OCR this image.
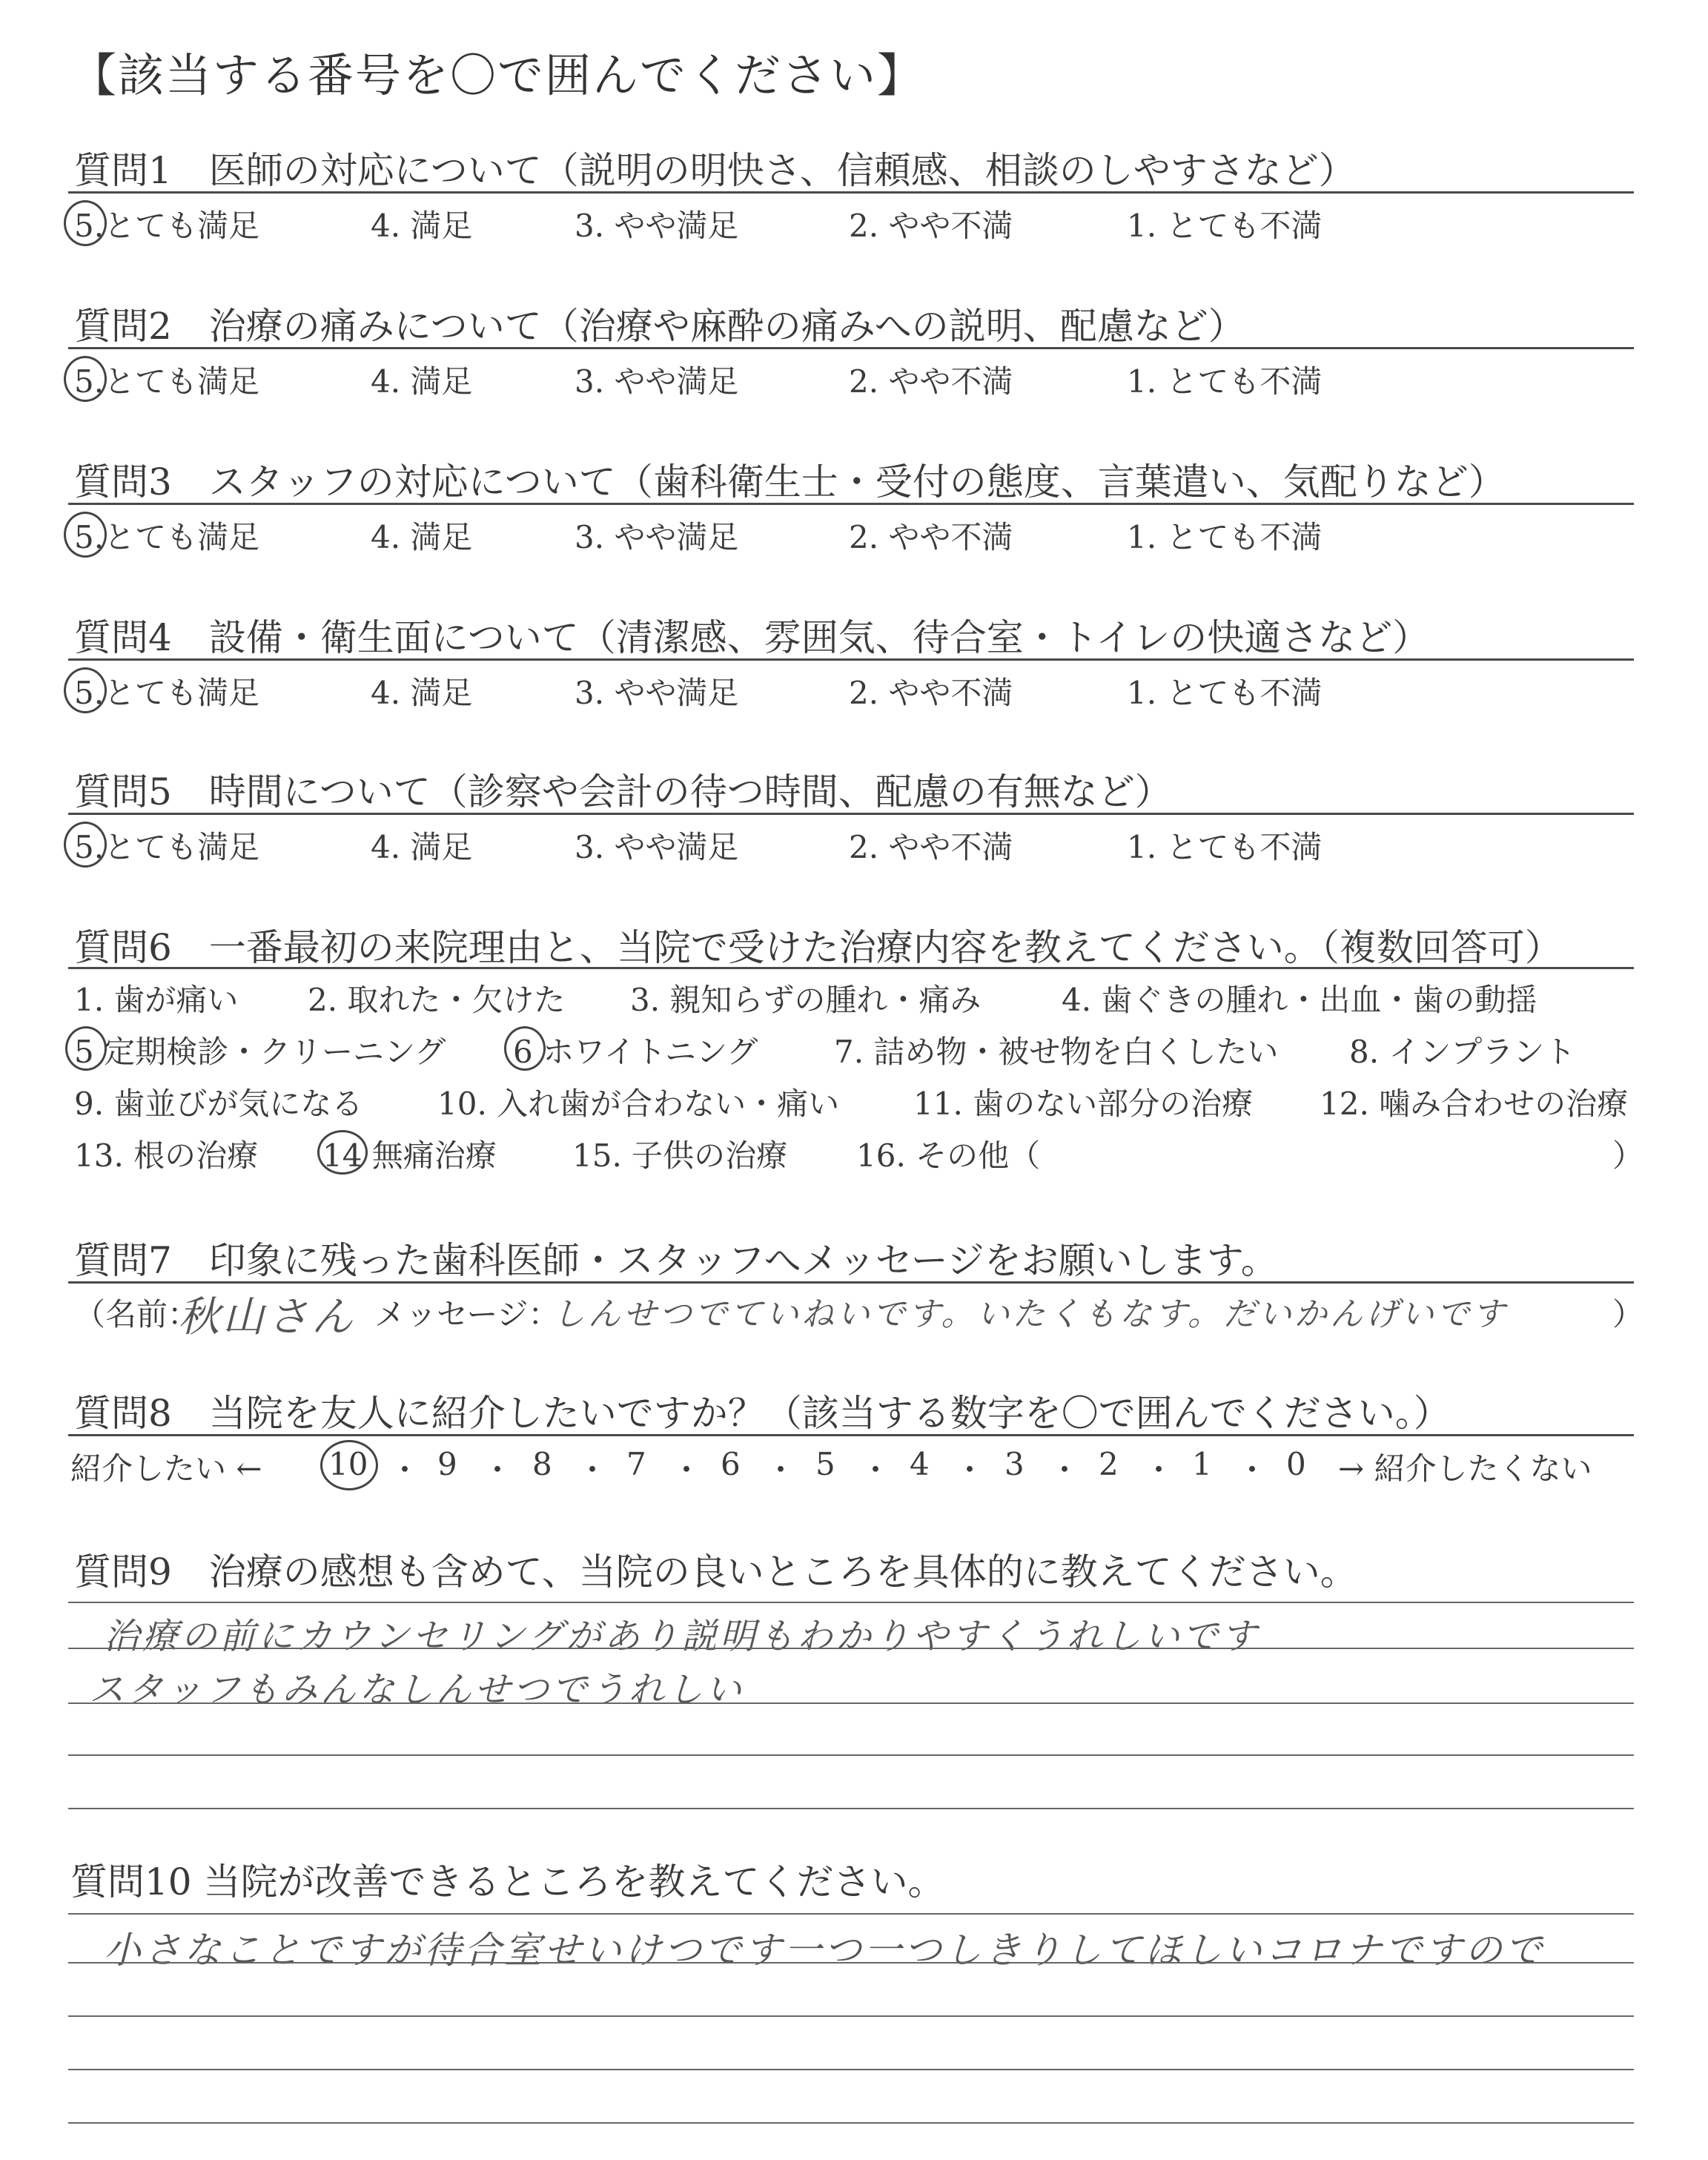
【該当する番号を〇で囲んでください】
質問1　医師の対応について（説明の明快さ、信頼感、相談のしやすさなど）
5.とても満足	4. 満足	3. やや満足	2. やや不満	1. とても不満
質問2　治療の痛みについて（治療や麻酔の痛みへの説明、配慮など）
5.とても満足	4. 満足	3. やや満足	2. やや不満	1. とても不満
質問3　スタッフの対応について（歯科衛生士・受付の態度、言葉遣い、気配りなど）
5.とても満足	4. 満足	3. やや満足	2. やや不満	1. とても不満
質問4　設備・衛生面について（清潔感、雰囲気、待合室・トイレの快適さなど）
5.とても満足	4. 満足	3. やや満足	2. やや不満	1. とても不満
質問5　時間について（診察や会計の待つ時間、配慮の有無など）
5.とても満足	4. 満足	3. やや満足	2. やや不満	1. とても不満
質問6　一番最初の来院理由と、当院で受けた治療内容を教えてください。（複数回答可）
1. 歯が痛い 2. 取れた・欠けた 3. 親知らずの腫れ・痛み	4. 歯ぐきの腫れ・出血・歯の動揺
5 定期検診・クリーニング 6 ホワイトニング 7. 詰め物・被せ物を白くしたい 8. インプラント
9. 歯並びが気になる 10. 入れ歯が合わない・痛い 11. 歯のない部分の治療 12. 噛み合わせの治療
13. 根の治療 14 無痛治療 15. 子供の治療 16. その他（	）
質問7　印象に残った歯科医師・スタッフへメッセージをお願いします。
（名前：
秋山さん メッセージ：
しんせつでていねいです。いたくもなす。だいかんげいです	）
質問8　当院を友人に紹介したいですか？（該当する数字を〇で囲んでください。）
紹介したい ← 10 ・ 9 ・ 8 ・ 7 ・ 6 ・ 5 ・ 4 ・ 3 ・ 2 ・ 1 ・ 0 → 紹介したくない
質問9　治療の感想も含めて、当院の良いところを具体的に教えてください。
治療の前にカウンセリングがあり説明もわかりやすくうれしいです
スタッフもみんなしんせつでうれしい
質問10 当院が改善できるところを教えてください。
小さなことですが待合室せいけつです一つ一つしきりしてほしいコロナですので
